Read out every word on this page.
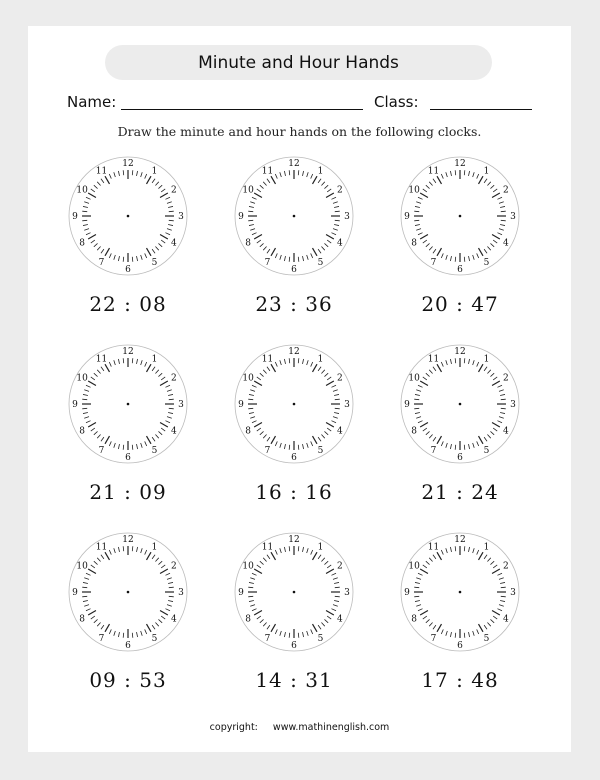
Minute and Hour Hands
Name:	Class:
Draw the minute and hour hands on the following clocks.
12
1
2
3
4
5
6
7
8
9
10
11
22 : 08
12
1
2
3
4
5
6
7
8
9
10
11
23 : 36
12
1
2
3
4
5
6
7
8
9
10
11
20 : 47
12
1
2
3
4
5
6
7
8
9
10
11
21 : 09
12
1
2
3
4
5
6
7
8
9
10
11
16 : 16
12
1
2
3
4
5
6
7
8
9
10
11
21 : 24
12
1
2
3
4
5
6
7
8
9
10
11
09 : 53
12
1
2
3
4
5
6
7
8
9
10
11
14 : 31
12
1
2
3
4
5
6
7
8
9
10
11
17 : 48
copyright: www.mathinenglish.com
